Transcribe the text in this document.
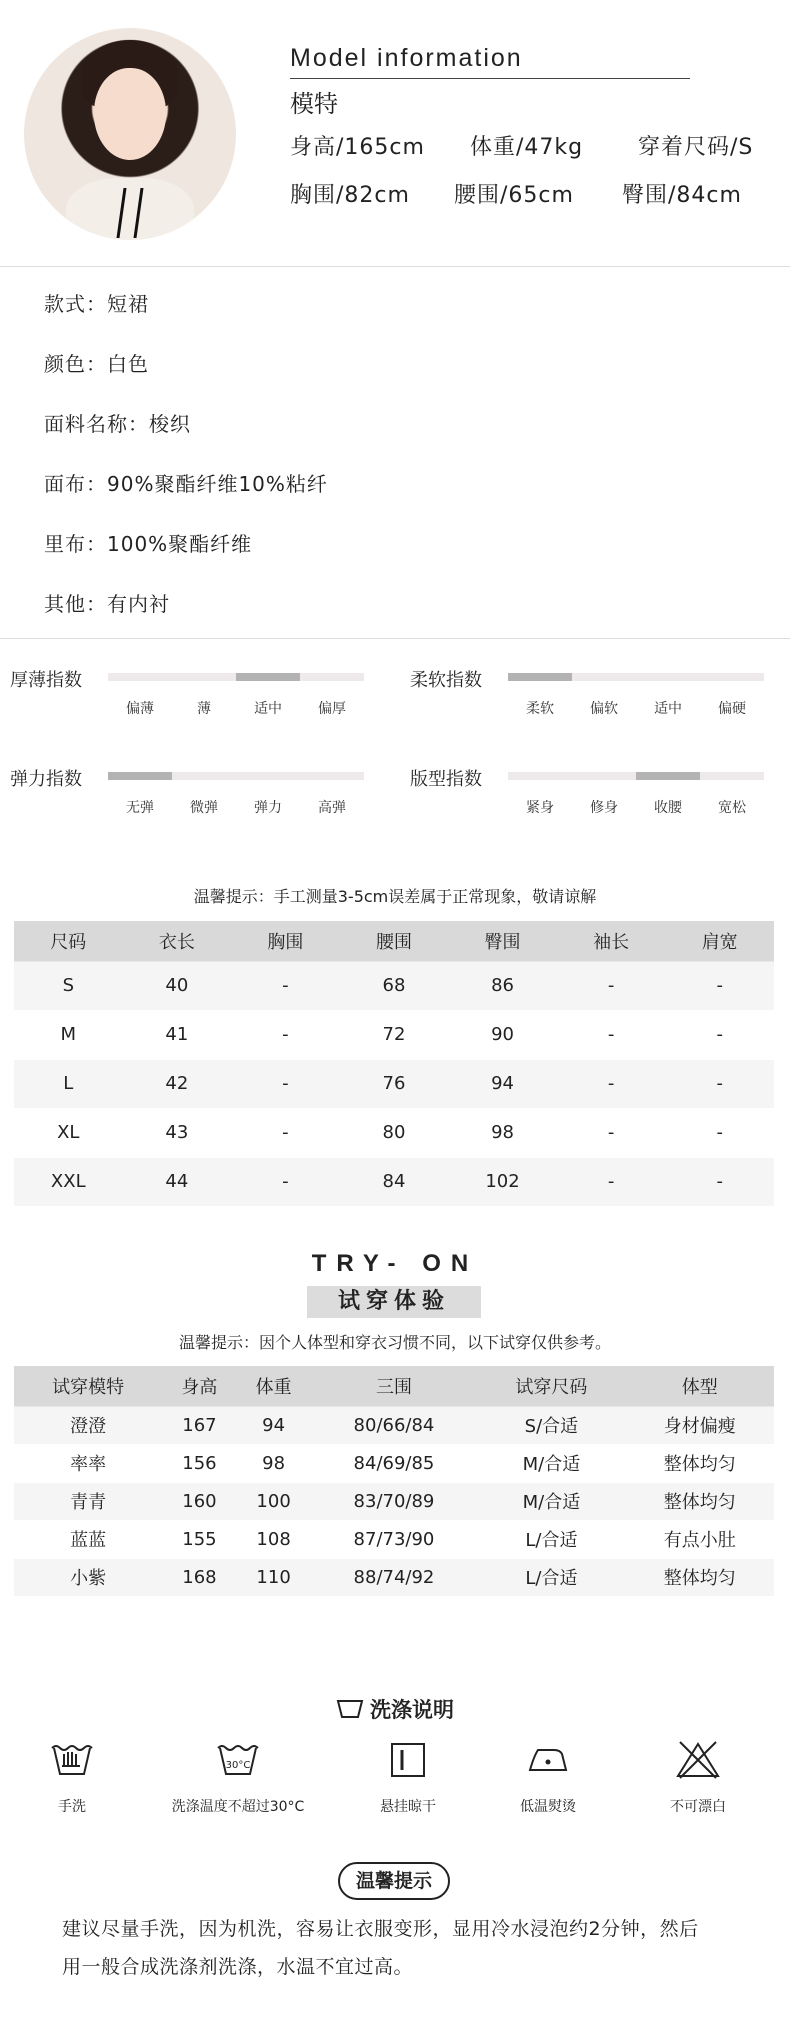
Model information
模特
身高/165cm 体重/47kg 穿着尺码/S
胸围/82cm 腰围/65cm 臀围/84cm
款式：短裙
颜色：白色
面料名称：梭织
面布：90%聚酯纤维10%粘纤
里布：100%聚酯纤维
其他：有内衬
厚薄指数
偏薄	薄	适中	偏厚
柔软指数
柔软	偏软	适中	偏硬
弹力指数
无弹	微弹	弹力	高弹
版型指数
紧身	修身	收腰	宽松
温馨提示：手工测量3-5cm误差属于正常现象，敬请谅解
尺码	衣长	胸围	腰围	臀围	袖长	肩宽
S	40	-	68	86	-	-
M	41	-	72	90	-	-
L	42	-	76	94	-	-
XL	43	-	80	98	-	-
XXL	44	-	84	102	-	-
TRY- ON
试穿体验
温馨提示：因个人体型和穿衣习惯不同，以下试穿仅供参考。
试穿模特	身高	体重	三围	试穿尺码	体型
澄澄	167	94	80/66/84	S/合适	身材偏瘦
率率	156	98	84/69/85	M/合适	整体均匀
青青	160	100	83/70/89	M/合适	整体均匀
蓝蓝	155	108	87/73/90	L/合适	有点小肚
小紫	168	110	88/74/92	L/合适	整体均匀
洗涤说明
30°C
手洗	洗涤温度不超过30°C	悬挂晾干	低温熨烫	不可漂白
温馨提示
建议尽量手洗，因为机洗，容易让衣服变形，显用冷水浸泡约2分钟，然后
用一般合成洗涤剂洗涤，水温不宜过高。
